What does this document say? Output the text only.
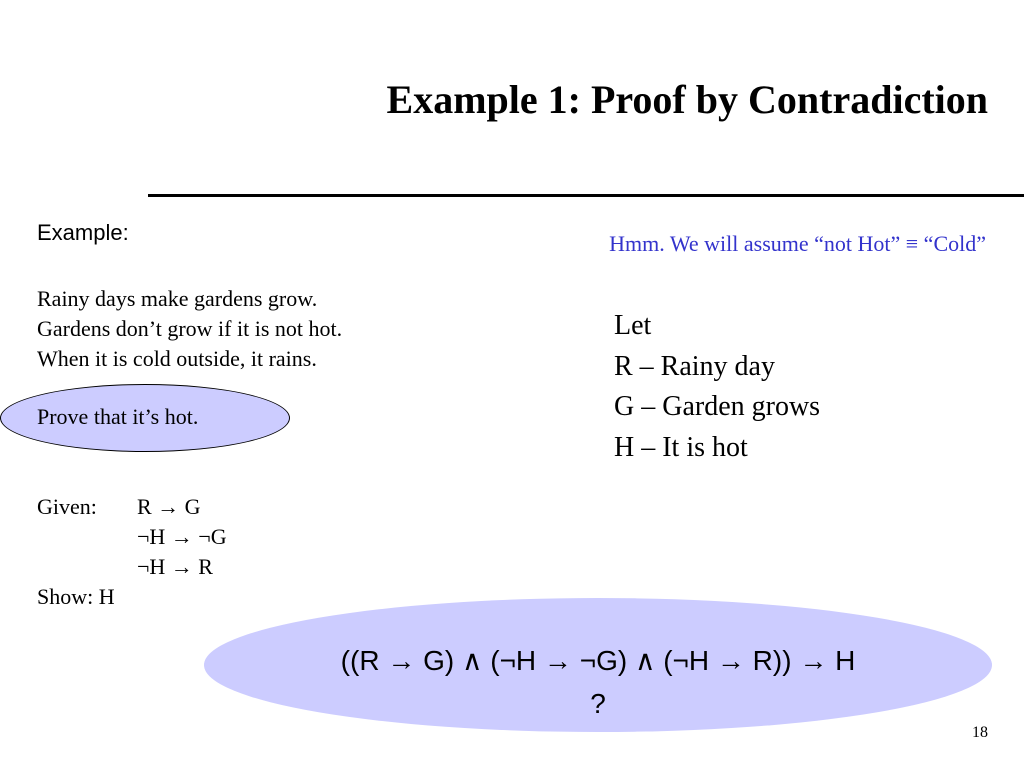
Example 1: Proof by Contradiction
Example:
Rainy days make gardens grow.
Gardens don’t grow if it is not hot.
When it is cold outside, it rains.
Prove that it’s hot.
Given: R → G
¬H → ¬G
¬H → R
Show: H
Hmm. We will assume “not Hot” ≡ “Cold”
Let
R – Rainy day
G – Garden grows
H – It is hot
((R → G) ∧ (¬H → ¬G) ∧ (¬H → R)) → H
?
18
